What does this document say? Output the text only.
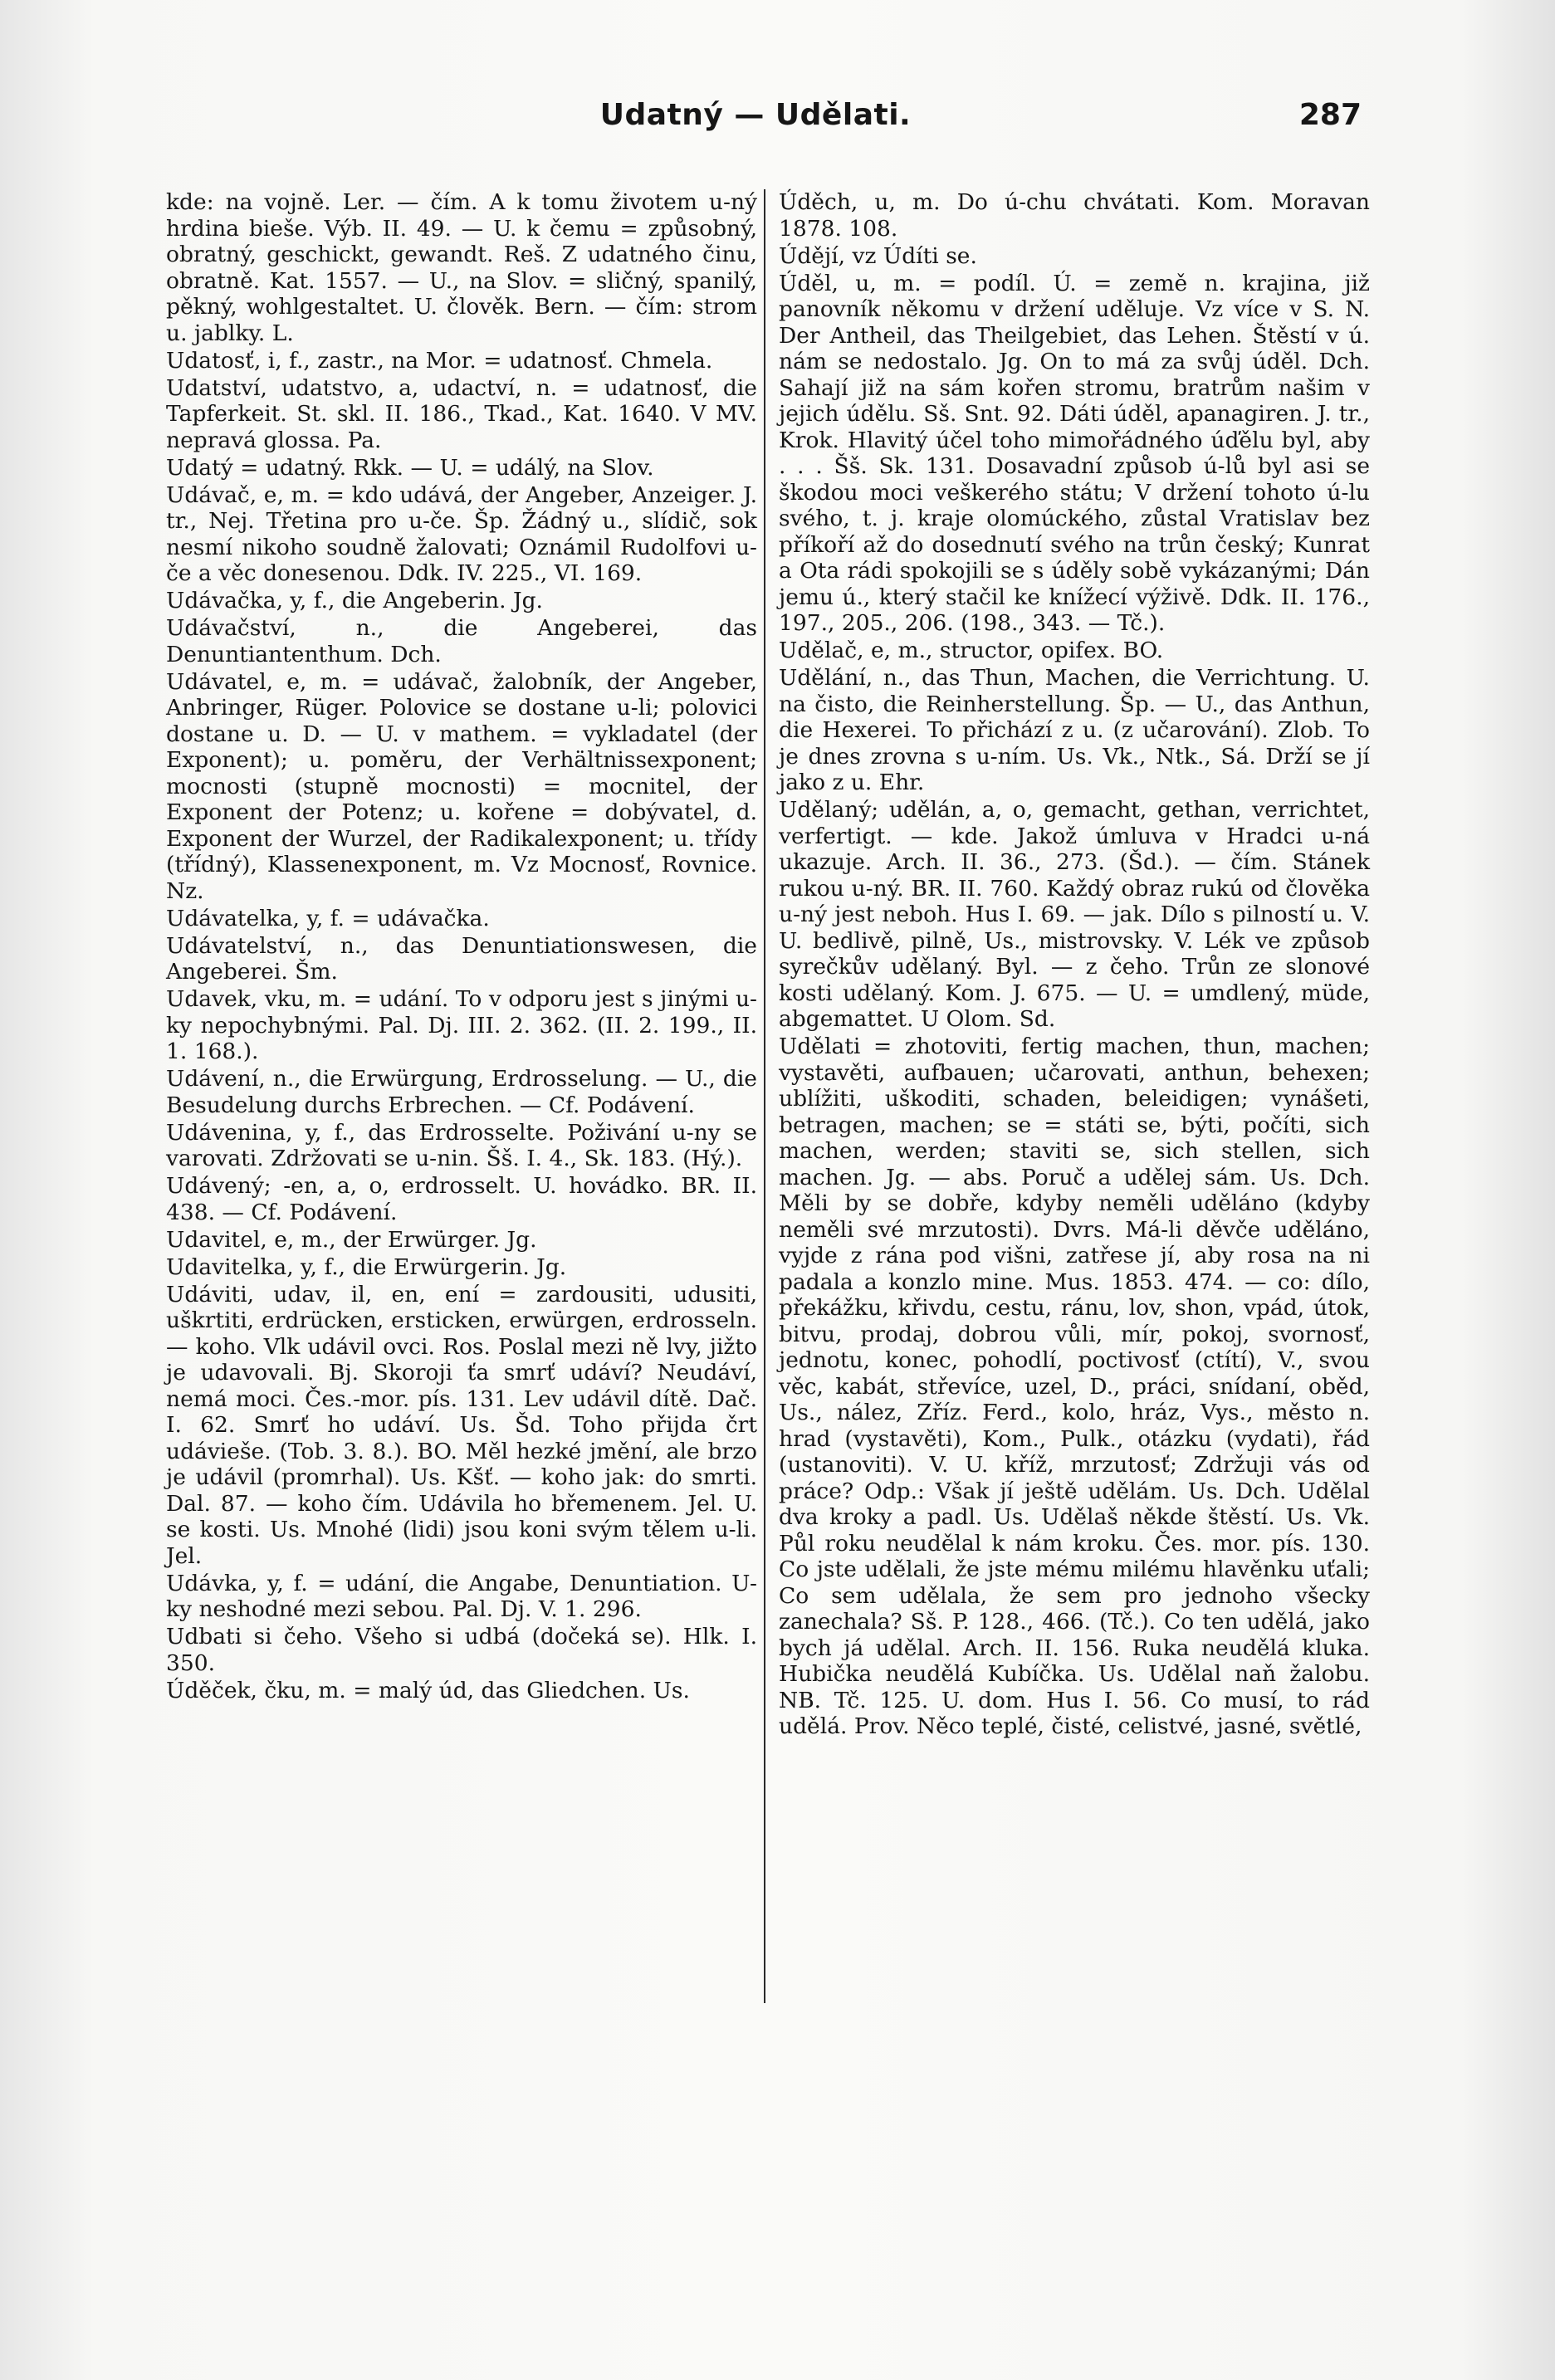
Udatný — Udělati.	287

kde: na vojně. Ler. — čím. A k tomu životem u-ný hrdina bieše. Výb. II. 49. — U. k čemu = způsobný, obratný, geschickt, gewandt. Reš. Z udatného činu, obratně. Kat. 1557. — U., na Slov. = sličný, spanilý, pěkný, wohlgestaltet. U. člověk. Bern. — čím: strom u. jablky. L.

Udatosť, i, f., zastr., na Mor. = udatnosť. Chmela.

Udatství, udatstvo, a, udactví, n. = udatnosť, die Tapferkeit. St. skl. II. 186., Tkad., Kat. 1640. V MV. nepravá glossa. Pa.

Udatý = udatný. Rkk. — U. = událý, na Slov.

Udávač, e, m. = kdo udává, der Angeber, Anzeiger. J. tr., Nej. Třetina pro u-če. Šp. Žádný u., slídič, sok nesmí nikoho soudně žalovati; Oznámil Rudolfovi u-če a věc donesenou. Ddk. IV. 225., VI. 169.

Udávačka, y, f., die Angeberin. Jg.

Udávačství, n., die Angeberei, das Denuntiantenthum. Dch.

Udávatel, e, m. = udávač, žalobník, der Angeber, Anbringer, Rüger. Polovice se dostane u-li; polovici dostane u. D. — U. v mathem. = vykladatel (der Exponent); u. poměru, der Verhältnissexponent; mocnosti (stupně mocnosti) = mocnitel, der Exponent der Potenz; u. kořene = dobývatel, d. Exponent der Wurzel, der Radikalexponent; u. třídy (třídný), Klassenexponent, m. Vz Mocnosť, Rovnice. Nz.

Udávatelka, y, f. = udávačka.

Udávatelství, n., das Denuntiationswesen, die Angeberei. Šm.

Udavek, vku, m. = udání. To v odporu jest s jinými u-ky nepochybnými. Pal. Dj. III. 2. 362. (II. 2. 199., II. 1. 168.).

Udávení, n., die Erwürgung, Erdrosselung. — U., die Besudelung durchs Erbrechen. — Cf. Podávení.

Udávenina, y, f., das Erdrosselte. Poživání u-ny se varovati. Zdržovati se u-nin. Šš. I. 4., Sk. 183. (Hý.).

Udávený; -en, a, o, erdrosselt. U. hovádko. BR. II. 438. — Cf. Podávení.

Udavitel, e, m., der Erwürger. Jg.

Udavitelka, y, f., die Erwürgerin. Jg.

Udáviti, udav, il, en, ení = zardousiti, udusiti, uškrtiti, erdrücken, ersticken, erwürgen, erdrosseln. — koho. Vlk udávil ovci. Ros. Poslal mezi ně lvy, jižto je udavovali. Bj. Skoroji ťa smrť udáví? Neudáví, nemá moci. Čes.-mor. pís. 131. Lev udávil dítě. Dač. I. 62. Smrť ho udáví. Us. Šd. Toho přijda črt udávieše. (Tob. 3. 8.). BO. Měl hezké jmění, ale brzo je udávil (promrhal). Us. Kšť. — koho jak: do smrti. Dal. 87. — koho čím. Udávila ho břemenem. Jel. U. se kosti. Us. Mnohé (lidi) jsou koni svým tělem u-li. Jel.

Udávka, y, f. = udání, die Angabe, Denuntiation. U-ky neshodné mezi sebou. Pal. Dj. V. 1. 296.

Udbati si čeho. Všeho si udbá (dočeká se). Hlk. I. 350.

Úděček, čku, m. = malý úd, das Gliedchen. Us.

Úděch, u, m. Do ú-chu chvátati. Kom. Moravan 1878. 108.

Údějí, vz Údíti se.

Úděl, u, m. = podíl. Ú. = země n. krajina, již panovník někomu v držení uděluje. Vz více v S. N. Der Antheil, das Theilgebiet, das Lehen. Štěstí v ú. nám se nedostalo. Jg. On to má za svůj úděl. Dch. Sahají již na sám kořen stromu, bratrům našim v jejich údělu. Sš. Snt. 92. Dáti úděl, apanagiren. J. tr., Krok. Hlavitý účel toho mimořádného úďělu byl, aby . . . Šš. Sk. 131. Dosavadní způsob ú-lů byl asi se škodou moci veškerého státu; V držení tohoto ú-lu svého, t. j. kraje olomúckého, zůstal Vratislav bez příkoří až do dosednutí svého na trůn český; Kunrat a Ota rádi spokojili se s úděly sobě vykázanými; Dán jemu ú., který stačil ke knížecí výživě. Ddk. II. 176., 197., 205., 206. (198., 343. — Tč.).

Udělač, e, m., structor, opifex. BO.

Udělání, n., das Thun, Machen, die Verrichtung. U. na čisto, die Reinherstellung. Šp. — U., das Anthun, die Hexerei. To přichází z u. (z učarování). Zlob. To je dnes zrovna s u-ním. Us. Vk., Ntk., Sá. Drží se jí jako z u. Ehr.

Udělaný; udělán, a, o, gemacht, gethan, verrichtet, verfertigt. — kde. Jakož úmluva v Hradci u-ná ukazuje. Arch. II. 36., 273. (Šd.). — čím. Stánek rukou u-ný. BR. II. 760. Každý obraz rukú od člověka u-ný jest neboh. Hus I. 69. — jak. Dílo s pilností u. V. U. bedlivě, pilně, Us., mistrovsky. V. Lék ve způsob syrečkův udělaný. Byl. — z čeho. Trůn ze slonové kosti udělaný. Kom. J. 675. — U. = umdlený, müde, abgemattet. U Olom. Sd.

Udělati = zhotoviti, fertig machen, thun, machen; vystavěti, aufbauen; učarovati, anthun, behexen; ublížiti, uškoditi, schaden, beleidigen; vynášeti, betragen, machen; se = státi se, býti, počíti, sich machen, werden; staviti se, sich stellen, sich machen. Jg. — abs. Poruč a udělej sám. Us. Dch. Měli by se dobře, kdyby neměli uděláno (kdyby neměli své mrzutosti). Dvrs. Má-li děvče uděláno, vyjde z rána pod višni, zatřese jí, aby rosa na ni padala a konzlo mine. Mus. 1853. 474. — co: dílo, překážku, křivdu, cestu, ránu, lov, shon, vpád, útok, bitvu, prodaj, dobrou vůli, mír, pokoj, svornosť, jednotu, konec, pohodlí, poctivosť (ctítí), V., svou věc, kabát, střevíce, uzel, D., práci, snídaní, oběd, Us., nález, Zříz. Ferd., kolo, hráz, Vys., město n. hrad (vystavěti), Kom., Pulk., otázku (vydati), řád (ustanoviti). V. U. kříž, mrzutosť; Zdržuji vás od práce? Odp.: Však jí ještě udělám. Us. Dch. Udělal dva kroky a padl. Us. Udělaš někde štěstí. Us. Vk. Půl roku neudělal k nám kroku. Čes. mor. pís. 130. Co jste udělali, že jste mému milému hlavěnku uťali; Co sem udělala, že sem pro jednoho všecky zanechala? Sš. P. 128., 466. (Tč.). Co ten udělá, jako bych já udělal. Arch. II. 156. Ruka neudělá kluka. Hubička neudělá Kubíčka. Us. Udělal naň žalobu. NB. Tč. 125. U. dom. Hus I. 56. Co musí, to rád udělá. Prov. Něco teplé, čisté, celistvé, jasné, světlé,
